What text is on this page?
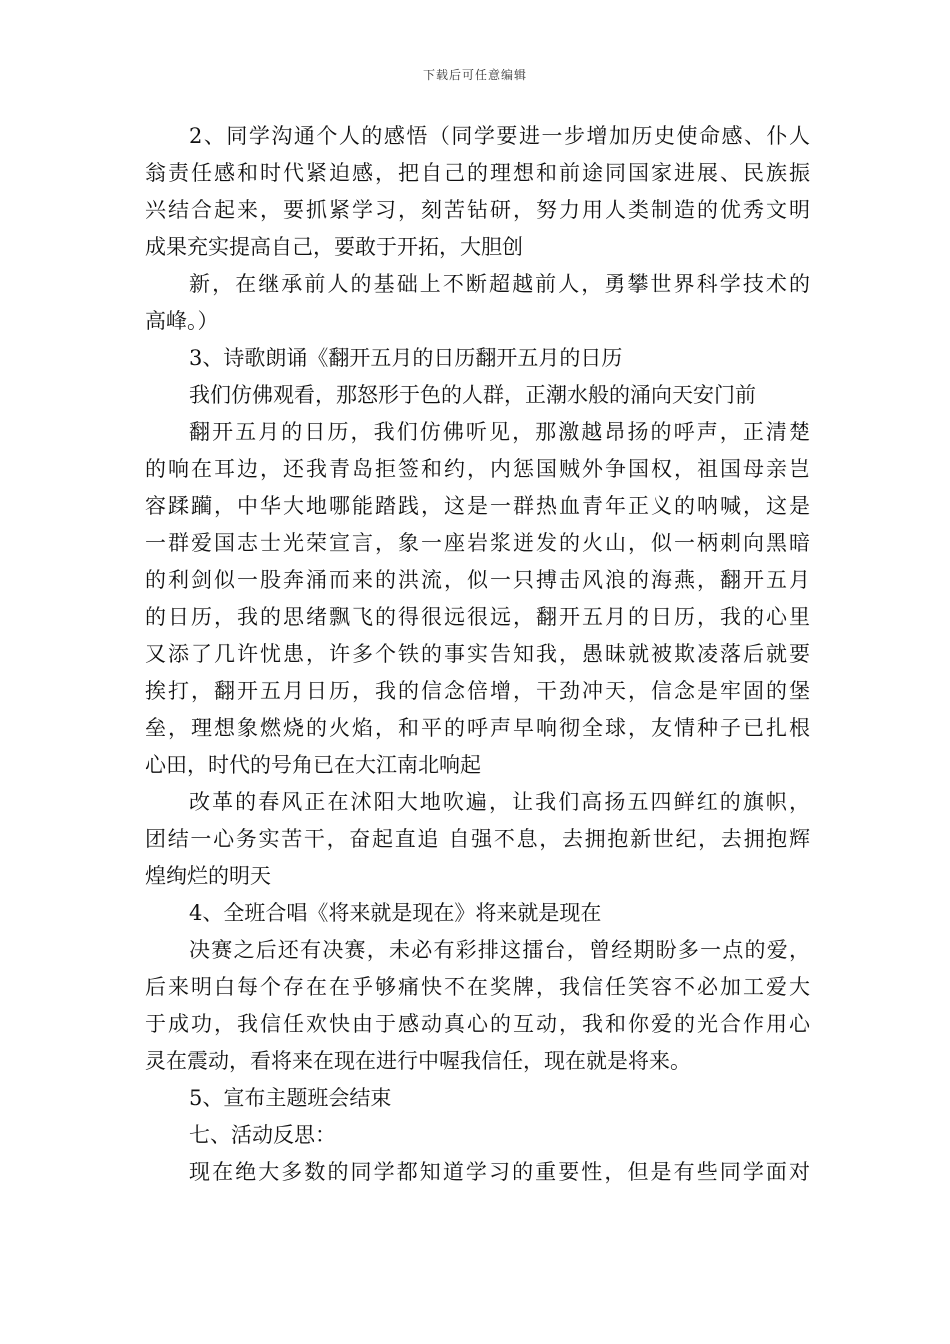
下载后可任意编辑
2、同学沟通个人的感悟（同学要进一步增加历史使命感、仆人
翁责任感和时代紧迫感，把自己的理想和前途同国家进展、民族振
兴结合起来，要抓紧学习，刻苦钻研，努力用人类制造的优秀文明
成果充实提高自己，要敢于开拓，大胆创
新，在继承前人的基础上不断超越前人，勇攀世界科学技术的
高峰。）
3、诗歌朗诵《翻开五月的日历翻开五月的日历
我们仿佛观看，那怒形于色的人群，正潮水般的涌向天安门前
翻开五月的日历，我们仿佛听见，那激越昂扬的呼声，正清楚
的响在耳边，还我青岛拒签和约，内惩国贼外争国权，祖国母亲岂
容蹂躏，中华大地哪能踏践，这是一群热血青年正义的呐喊，这是
一群爱国志士光荣宣言，象一座岩浆迸发的火山，似一柄刺向黑暗
的利剑似一股奔涌而来的洪流，似一只搏击风浪的海燕，翻开五月
的日历，我的思绪飘飞的得很远很远，翻开五月的日历，我的心里
又添了几许忧患，许多个铁的事实告知我，愚昧就被欺凌落后就要
挨打，翻开五月日历，我的信念倍增，干劲冲天，信念是牢固的堡
垒，理想象燃烧的火焰，和平的呼声早响彻全球，友情种子已扎根
心田，时代的号角已在大江南北响起
改革的春风正在沭阳大地吹遍，让我们高扬五四鲜红的旗帜，
团结一心务实苦干，奋起直追 自强不息，去拥抱新世纪，去拥抱辉
煌绚烂的明天
4、全班合唱《将来就是现在》将来就是现在
决赛之后还有决赛，未必有彩排这擂台，曾经期盼多一点的爱，
后来明白每个存在在乎够痛快不在奖牌，我信任笑容不必加工爱大
于成功，我信任欢快由于感动真心的互动，我和你爱的光合作用心
灵在震动，看将来在现在进行中喔我信任，现在就是将来。
5、宣布主题班会结束
七、活动反思：
现在绝大多数的同学都知道学习的重要性，但是有些同学面对
